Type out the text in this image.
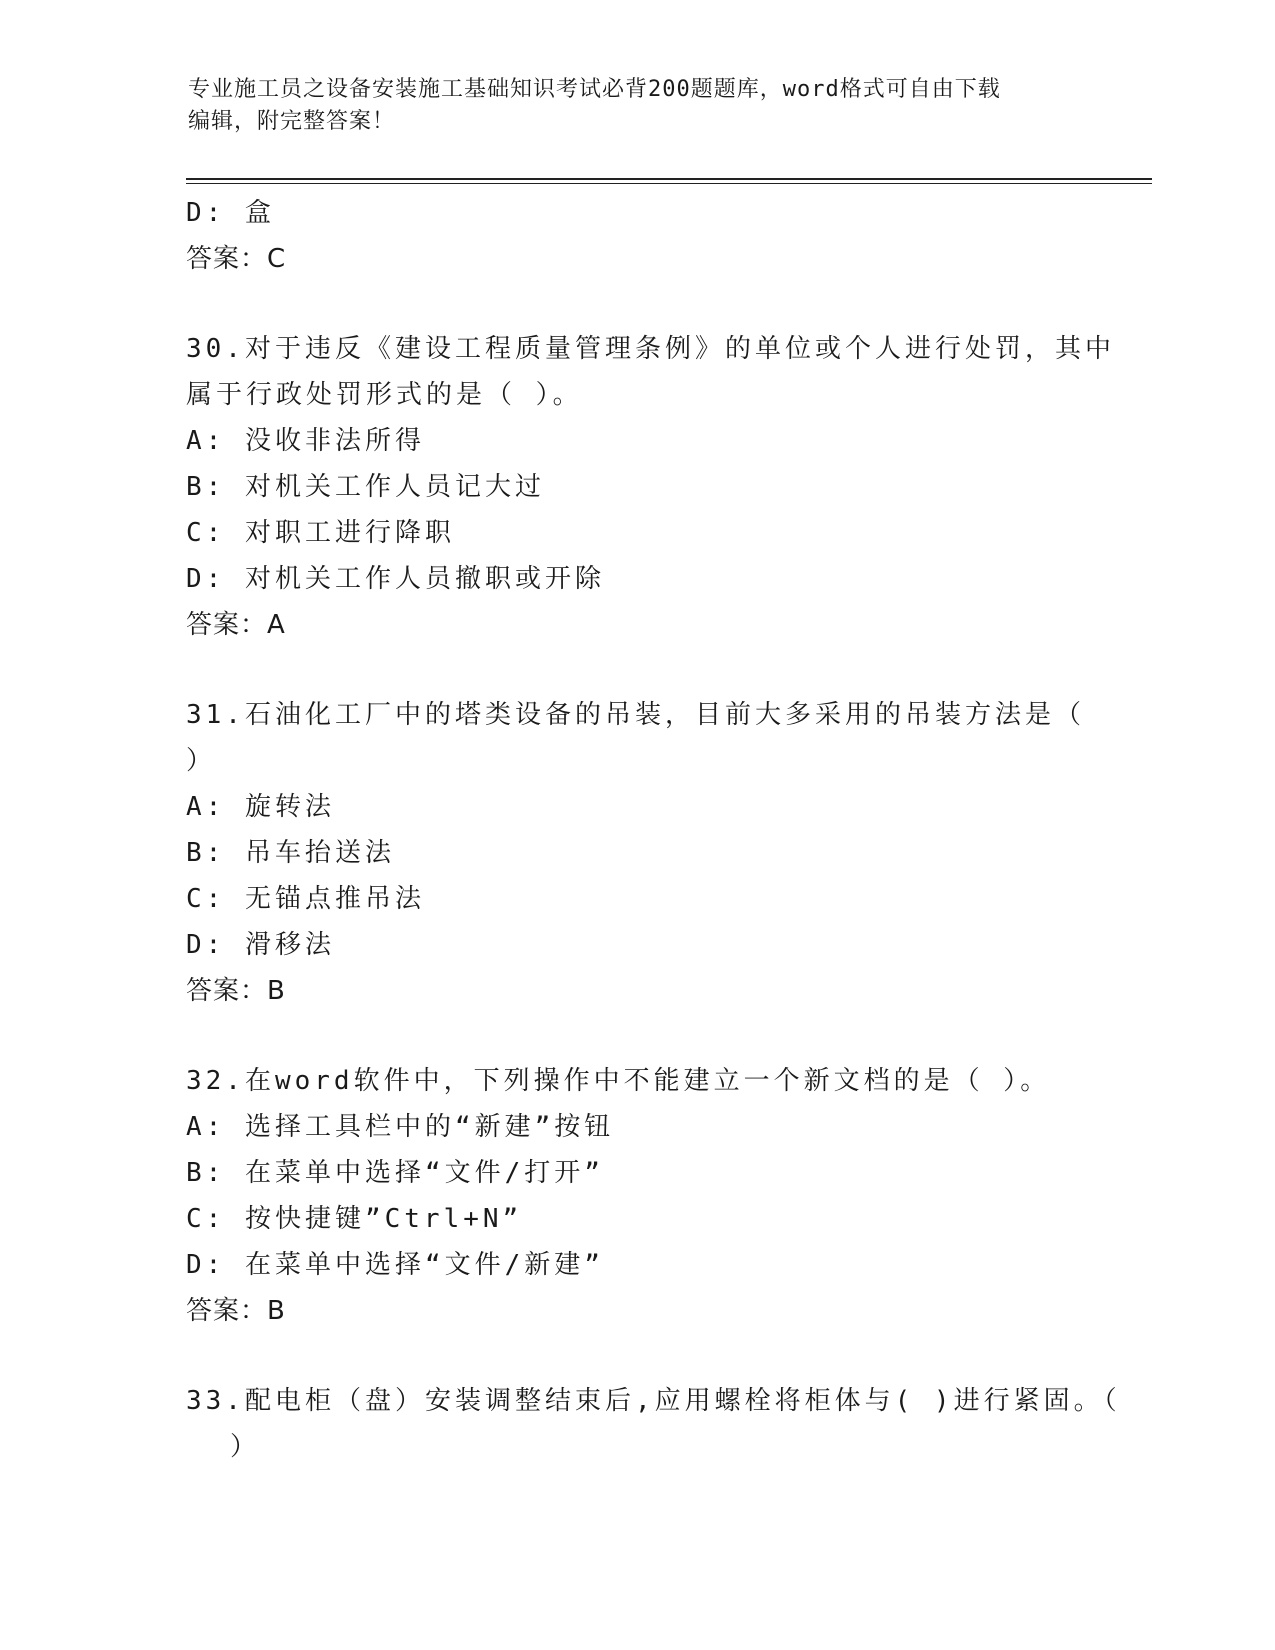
专业施工员之设备安装施工基础知识考试必背200题题库，word格式可自由下载
编辑，附完整答案！
D: 盒
答案：C
30.对于违反《建设工程质量管理条例》的单位或个人进行处罚，其中
属于行政处罚形式的是（ ）。
A: 没收非法所得
B: 对机关工作人员记大过
C: 对职工进行降职
D: 对机关工作人员撤职或开除
答案：A
31.石油化工厂中的塔类设备的吊装，目前大多采用的吊装方法是（
）
A: 旋转法
B: 吊车抬送法
C: 无锚点推吊法
D: 滑移法
答案：B
32.在word软件中，下列操作中不能建立一个新文档的是（ ）。
A: 选择工具栏中的“新建”按钮
B: 在菜单中选择“文件/打开”
C: 按快捷键”Ctrl+N”
D: 在菜单中选择“文件/新建”
答案：B
33.配电柜（盘）安装调整结束后,应用螺栓将柜体与( )进行紧固。（
）
